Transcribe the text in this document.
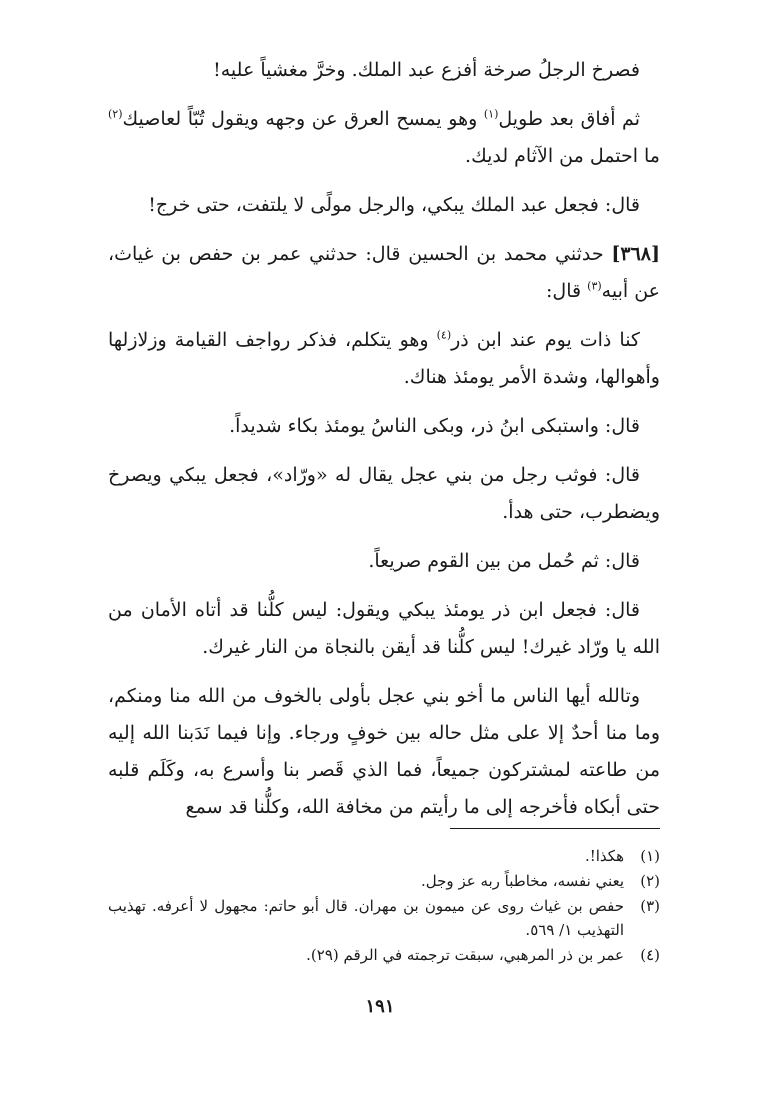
فصرخ الرجلُ صرخة أفزع عبد الملك. وخرَّ مغشياً عليه!

ثم أفاق بعد طويل$^{(١)}$ وهو يمسح العرق عن وجهه ويقول تُبّاً لعاصيك$^{(٢)}$ ما احتمل من الآثام لديك.

قال: فجعل عبد الملك يبكي، والرجل مولًى لا يلتفت، حتى خرج!

[٣٦٨] حدثني محمد بن الحسين قال: حدثني عمر بن حفص بن غياث، عن أبيه$^{(٣)}$ قال:

كنا ذات يوم عند ابن ذر$^{(٤)}$ وهو يتكلم، فذكر رواجف القيامة وزلازلها وأهوالها، وشدة الأمر يومئذ هناك.

قال: واستبكى ابنُ ذر، وبكى الناسُ يومئذ بكاء شديداً.

قال: فوثب رجل من بني عجل يقال له «ورّاد»، فجعل يبكي ويصرخ ويضطرب، حتى هدأ.

قال: ثم حُمل من بين القوم صريعاً.

قال: فجعل ابن ذر يومئذ يبكي ويقول: ليس كلُّنا قد أتاه الأمان من الله يا ورّاد غيرك! ليس كلُّنا قد أيقن بالنجاة من النار غيرك.

وتالله أيها الناس ما أخو بني عجل بأولى بالخوف من الله منا ومنكم، وما منا أحدٌ إلا على مثل حاله بين خوفٍ ورجاء. وإنا فيما نَدَبنا الله إليه من طاعته لمشتركون جميعاً، فما الذي قَصر بنا وأسرع به، وكَلَم قلبه حتى أبكاه فأخرجه إلى ما رأيتم من مخافة الله، وكلُّنا قد سمع

(١)
هكذا!.
(٢)
يعني نفسه، مخاطباً ربه عز وجل.
(٣)
حفص بن غياث روى عن ميمون بن مهران. قال أبو حاتم: مجهول لا أعرفه. تهذيب التهذيب ١/ ٥٦٩.
(٤)
عمر بن ذر المرهبي، سبقت ترجمته في الرقم (٢٩).
١٩١
